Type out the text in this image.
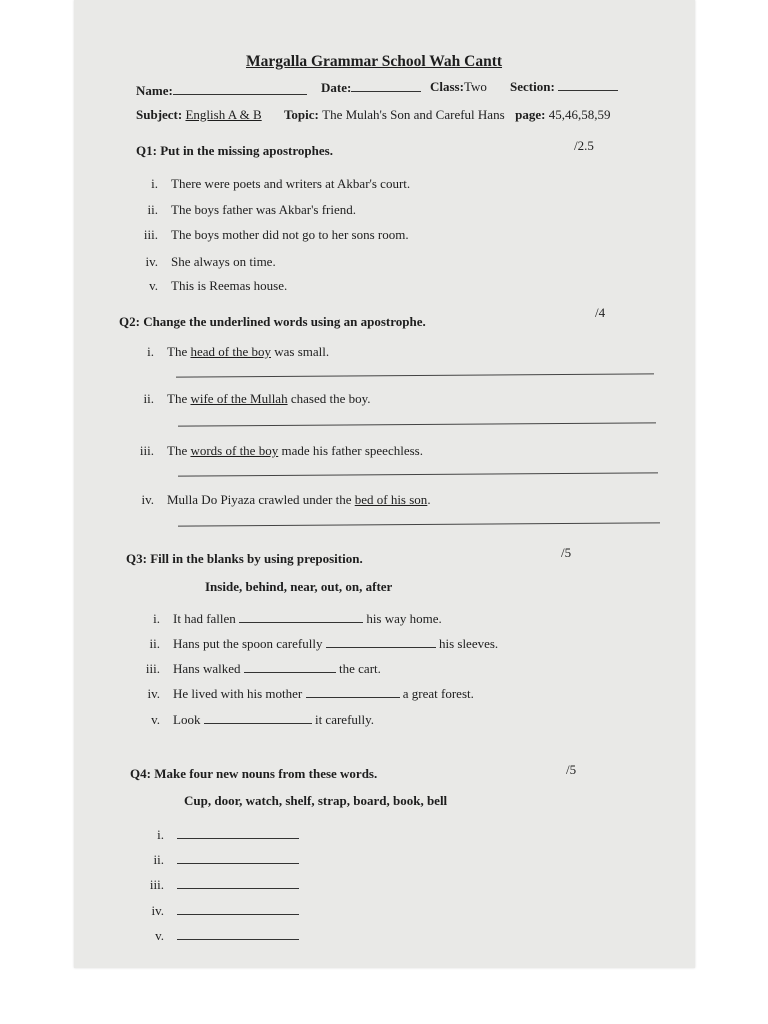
Margalla Grammar School Wah Cantt
Name:	Date:	Class:Two Section:
Subject: English A & B Topic: The Mulah's Son and Careful Hans page: 45,46,58,59
Q1: Put in the missing apostrophes.	/2.5
i. There were poets and writers at Akbar's court.
ii. The boys father was Akbar's friend.
iii. The boys mother did not go to her sons room.
iv. She always on time.
v. This is Reemas house.
Q2: Change the underlined words using an apostrophe.
/4
i. The head of the boy was small.
ii. The wife of the Mullah chased the boy.
iii. The words of the boy made his father speechless.
iv. Mulla Do Piyaza crawled under the bed of his son.
Q3: Fill in the blanks by using preposition.	/5
Inside, behind, near, out, on, after
i. It had fallen	his way home.
ii. Hans put the spoon carefully	his sleeves.
iii. Hans walked	the cart.
iv. He lived with his mother	a great forest.
v. Look	it carefully.
Q4: Make four new nouns from these words.	/5
Cup, door, watch, shelf, strap, board, book, bell
i.
ii.
iii.
iv.
v.
